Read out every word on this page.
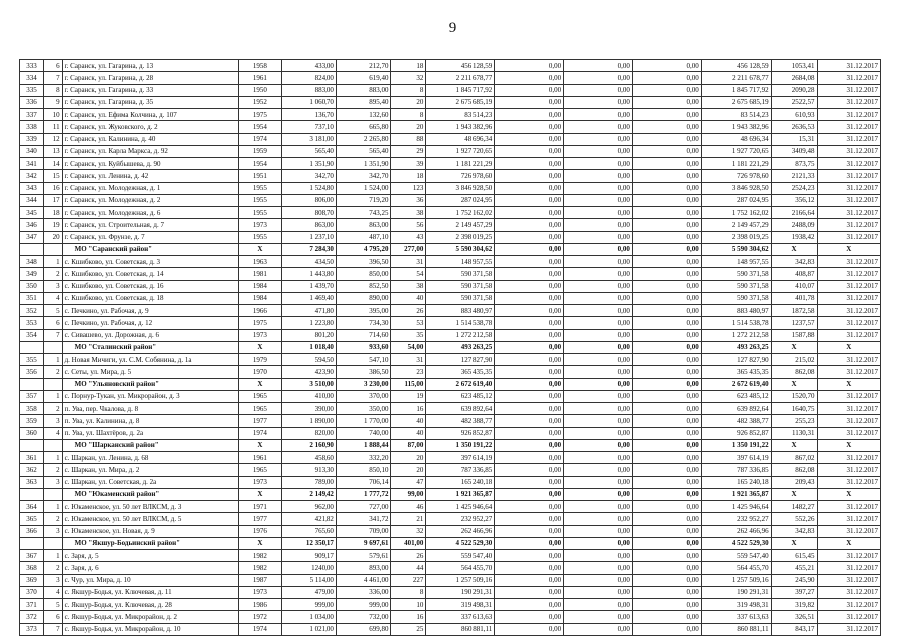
9
333	6	г. Саранск, ул. Гагарина, д. 13	1958	433,00	212,70	18	456 128,59	0,00	0,00	0,00	456 128,59	1053,41	31.12.2017
334	7	г. Саранск, ул. Гагарина, д. 28	1961	824,00	619,40	32	2 211 678,77	0,00	0,00	0,00	2 211 678,77	2684,08	31.12.2017
335	8	г. Саранск, ул. Гагарина, д. 33	1950	883,00	883,00	8	1 845 717,92	0,00	0,00	0,00	1 845 717,92	2090,28	31.12.2017
336	9	г. Саранск, ул. Гагарина, д. 35	1952	1 060,70	895,40	20	2 675 685,19	0,00	0,00	0,00	2 675 685,19	2522,57	31.12.2017
337	10	г. Саранск, ул. Ефима Колчина, д. 107	1975	136,70	132,60	8	83 514,23	0,00	0,00	0,00	83 514,23	610,93	31.12.2017
338	11	г. Саранск, ул. Жуковского, д. 2	1954	737,10	665,80	20	1 943 382,96	0,00	0,00	0,00	1 943 382,96	2636,53	31.12.2017
339	12	г. Саранск, ул. Калинина, д. 40	1974	3 181,00	2 265,80	88	48 696,34	0,00	0,00	0,00	48 696,34	15,31	31.12.2017
340	13	г. Саранск, ул. Карла Маркса, д. 92	1959	565,40	565,40	29	1 927 720,65	0,00	0,00	0,00	1 927 720,65	3409,48	31.12.2017
341	14	г. Саранск, ул. Куйбышева, д. 90	1954	1 351,90	1 351,90	39	1 181 221,29	0,00	0,00	0,00	1 181 221,29	873,75	31.12.2017
342	15	г. Саранск, ул. Ленина, д. 42	1951	342,70	342,70	18	726 978,60	0,00	0,00	0,00	726 978,60	2121,33	31.12.2017
343	16	г. Саранск, ул. Молодежная, д. 1	1955	1 524,80	1 524,00	123	3 846 928,50	0,00	0,00	0,00	3 846 928,50	2524,23	31.12.2017
344	17	г. Саранск, ул. Молодежная, д. 2	1955	806,00	719,20	36	287 024,95	0,00	0,00	0,00	287 024,95	356,12	31.12.2017
345	18	г. Саранск, ул. Молодежная, д. 6	1955	808,70	743,25	38	1 752 162,02	0,00	0,00	0,00	1 752 162,02	2166,64	31.12.2017
346	19	г. Саранск, ул. Строительная, д. 7	1973	863,00	863,00	56	2 149 457,29	0,00	0,00	0,00	2 149 457,29	2488,09	31.12.2017
347	20	г. Саранск, ул. Фрунзе, д. 7	1955	1 237,10	487,10	43	2 398 019,25	0,00	0,00	0,00	2 398 019,25	1938,42	31.12.2017
		МО "Саранский район"	X	7 284,30	4 795,20	277,00	5 590 304,62	0,00	0,00	0,00	5 590 304,62	X	X
348	1	с. Кшибково, ул. Советская, д. 3	1963	434,50	396,50	31	148 957,55	0,00	0,00	0,00	148 957,55	342,83	31.12.2017
349	2	с. Кшибково, ул. Советская, д. 14	1981	1 443,80	850,00	54	590 371,58	0,00	0,00	0,00	590 371,58	408,87	31.12.2017
350	3	с. Кшибково, ул. Советская, д. 16	1984	1 439,70	852,50	38	590 371,58	0,00	0,00	0,00	590 371,58	410,07	31.12.2017
351	4	с. Кшибково, ул. Советская, д. 18	1984	1 469,40	890,00	40	590 371,58	0,00	0,00	0,00	590 371,58	401,78	31.12.2017
352	5	с. Печкино, ул. Рабочая, д. 9	1966	471,80	395,00	26	883 480,97	0,00	0,00	0,00	883 480,97	1872,58	31.12.2017
353	6	с. Печкино, ул. Рабочая, д. 12	1975	1 223,80	734,30	53	1 514 538,78	0,00	0,00	0,00	1 514 538,78	1237,57	31.12.2017
354	7	с. Сивашево, ул. Дорожная, д. 6	1973	801,20	714,60	35	1 272 212,58	0,00	0,00	0,00	1 272 212,58	1587,88	31.12.2017
		МО "Сталинский район"	X	1 018,40	933,60	54,00	493 263,25	0,00	0,00	0,00	493 263,25	X	X
355	1	д. Новая Мичиги, ул. С.М. Собянина, д. 1а	1979	594,50	547,10	31	127 827,90	0,00	0,00	0,00	127 827,90	215,02	31.12.2017
356	2	с. Сеты, ул. Мира, д. 5	1970	423,90	386,50	23	365 435,35	0,00	0,00	0,00	365 435,35	862,08	31.12.2017
		МО "Ульяновский район"	X	3 510,00	3 230,00	115,00	2 672 619,40	0,00	0,00	0,00	2 672 619,40	X	X
357	1	с. Порнур-Тукан, ул. Микрорайон, д. 3	1965	410,00	370,00	19	623 485,12	0,00	0,00	0,00	623 485,12	1520,70	31.12.2017
358	2	п. Ува, пер. Чкалова, д. 8	1965	390,00	350,00	16	639 892,64	0,00	0,00	0,00	639 892,64	1640,75	31.12.2017
359	3	п. Ува, ул. Калинина, д. 8	1977	1 890,00	1 770,00	40	482 388,77	0,00	0,00	0,00	482 388,77	255,23	31.12.2017
360	4	п. Ува, ул. Шахтёров, д. 2а	1974	820,00	740,00	40	926 852,87	0,00	0,00	0,00	926 852,87	1130,31	31.12.2017
		МО "Шарканский район"	X	2 160,90	1 888,44	87,00	1 350 191,22	0,00	0,00	0,00	1 350 191,22	X	X
361	1	с. Шаркан, ул. Ленина, д. 68	1961	458,60	332,20	20	397 614,19	0,00	0,00	0,00	397 614,19	867,02	31.12.2017
362	2	с. Шаркан, ул. Мира, д. 2	1965	913,30	850,10	20	787 336,85	0,00	0,00	0,00	787 336,85	862,08	31.12.2017
363	3	с. Шаркан, ул. Советская, д. 2а	1973	789,00	706,14	47	165 240,18	0,00	0,00	0,00	165 240,18	209,43	31.12.2017
		МО "Юкаменский район"	X	2 149,42	1 777,72	99,00	1 921 365,87	0,00	0,00	0,00	1 921 365,87	X	X
364	1	с. Юкаменское, ул. 50 лет ВЛКСМ, д. 3	1971	962,00	727,00	46	1 425 946,64	0,00	0,00	0,00	1 425 946,64	1482,27	31.12.2017
365	2	с. Юкаменское, ул. 50 лет ВЛКСМ, д. 5	1977	421,82	341,72	21	232 952,27	0,00	0,00	0,00	232 952,27	552,26	31.12.2017
366	3	с. Юкаменское, ул. Новая, д. 9	1976	765,60	709,00	32	262 466,96	0,00	0,00	0,00	262 466,96	342,83	31.12.2017
		МО "Якшур-Бодьинский район"	X	12 350,17	9 697,61	401,00	4 522 529,30	0,00	0,00	0,00	4 522 529,30	X	X
367	1	с. Заря, д. 5	1982	909,17	579,61	26	559 547,40	0,00	0,00	0,00	559 547,40	615,45	31.12.2017
368	2	с. Заря, д. 6	1982	1240,00	893,00	44	564 455,70	0,00	0,00	0,00	564 455,70	455,21	31.12.2017
369	3	с. Чур, ул. Мира, д. 10	1987	5 114,00	4 461,00	227	1 257 509,16	0,00	0,00	0,00	1 257 509,16	245,90	31.12.2017
370	4	с. Якшур-Бодья, ул. Ключевая, д. 11	1973	479,00	336,00	8	190 291,31	0,00	0,00	0,00	190 291,31	397,27	31.12.2017
371	5	с. Якшур-Бодья, ул. Ключевая, д. 28	1986	999,00	999,00	10	319 498,31	0,00	0,00	0,00	319 498,31	319,82	31.12.2017
372	6	с. Якшур-Бодья, ул. Микрорайон, д. 2	1972	1 034,00	732,00	16	337 613,63	0,00	0,00	0,00	337 613,63	326,51	31.12.2017
373	7	с. Якшур-Бодья, ул. Микрорайон, д. 10	1974	1 021,00	699,80	25	860 881,11	0,00	0,00	0,00	860 881,11	843,17	31.12.2017
